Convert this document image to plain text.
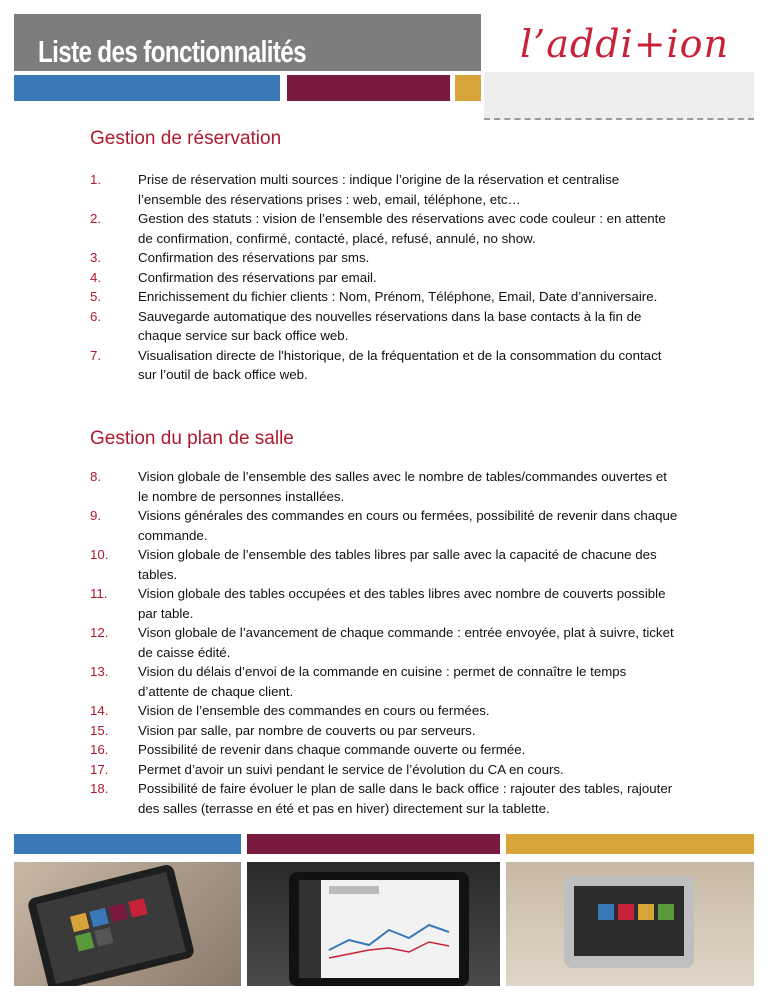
Liste des fonctionnalités	l’addi+ion
Gestion de réservation
1.	Prise de réservation multi sources : indique l’origine de la réservation et centralise l’ensemble des réservations prises : web, email, téléphone, etc…
2.	Gestion des statuts : vision de l’ensemble des réservations avec code couleur : en attente de confirmation, confirmé, contacté, placé, refusé, annulé, no show.
3.	Confirmation des réservations par sms.
4.	Confirmation des réservations par email.
5.	Enrichissement du fichier clients : Nom, Prénom, Téléphone, Email, Date d’anniversaire.
6.	Sauvegarde automatique des nouvelles réservations dans la base contacts à la fin de chaque service sur back office web.
7.	Visualisation directe de l'historique, de la fréquentation et de la consommation du contact sur l’outil de back office web.
Gestion du plan de salle
8.	Vision globale de l’ensemble des salles avec le nombre de tables/commandes ouvertes et le nombre de personnes installées.
9.	Visions générales des commandes en cours ou fermées, possibilité de revenir dans chaque commande.
10.	Vision globale de l’ensemble des tables libres par salle avec la capacité de chacune des tables.
11.	Vision globale des tables occupées et des tables libres avec nombre de couverts possible par table.
12.	Vison globale de l’avancement de chaque commande : entrée envoyée, plat à suivre, ticket de caisse édité.
13.	Vision du délais d’envoi de la commande en cuisine : permet de connaître le temps d’attente de chaque client.
14.	Vision de l’ensemble des commandes en cours ou fermées.
15.	Vision par salle, par nombre de couverts ou par serveurs.
16.	Possibilité de revenir dans chaque commande ouverte ou fermée.
17.	Permet d’avoir un suivi pendant le service de l’évolution du CA en cours.
18.	Possibilité de faire évoluer le plan de salle dans le back office : rajouter des tables, rajouter des salles (terrasse en été et pas en hiver) directement sur la tablette.
